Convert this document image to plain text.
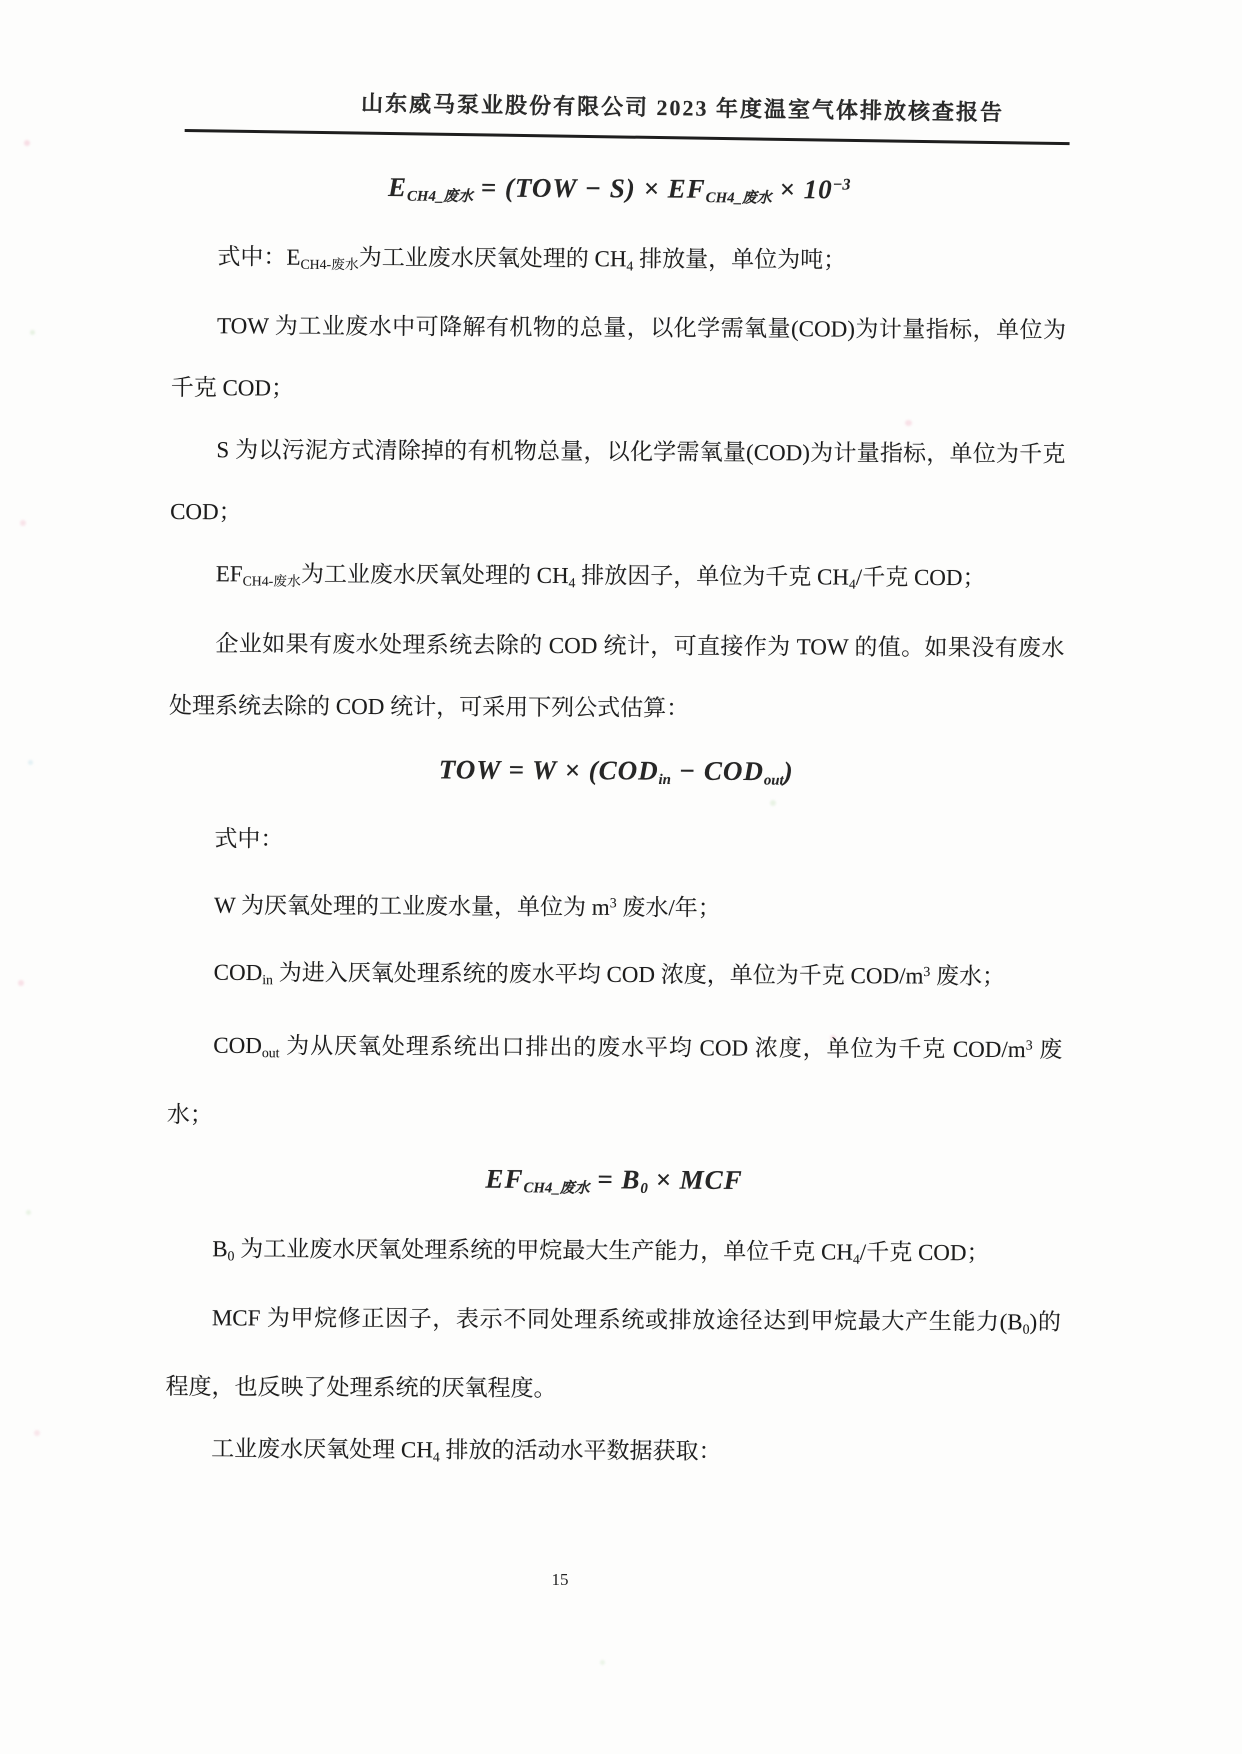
山东威马泵业股份有限公司 2023 年度温室气体排放核查报告
$E_{CH4\_废水} = (TOW - S) \times EF_{CH4\_废水} \times 10^{-3}$

式中：$E_{CH4-废水}$为工业废水厌氧处理的 $CH_4$ 排放量，单位为吨；

TOW 为工业废水中可降解有机物的总量，以化学需氧量(COD)为计量指标，单位为千克 COD；

S 为以污泥方式清除掉的有机物总量，以化学需氧量(COD)为计量指标，单位为千克 COD；

$EF_{CH4-废水}$为工业废水厌氧处理的 $CH_4$ 排放因子，单位为千克 $CH_4/$千克 COD；

企业如果有废水处理系统去除的 COD 统计，可直接作为 TOW 的值。如果没有废水处理系统去除的 COD 统计，可采用下列公式估算：

TOW = $W \times (COD_{in} - COD_{out})$

式中：

W 为厌氧处理的工业废水量，单位为 $m^3$ 废水/年；

$COD_{in}$ 为进入厌氧处理系统的废水平均 COD 浓度，单位为千克 COD/$m^3$ 废水；

$COD_{out}$ 为从厌氧处理系统出口排出的废水平均 COD 浓度，单位为千克 COD/$m^3$ 废水；

$EF_{CH4\_废水} = B_0$ × MCF

$B_0$ 为工业废水厌氧处理系统的甲烷最大生产能力，单位千克 $CH_4/$千克 COD；

MCF 为甲烷修正因子，表示不同处理系统或排放途径达到甲烷最大产生能力$(B_0)$的程度，也反映了处理系统的厌氧程度。

工业废水厌氧处理 $CH_4$ 排放的活动水平数据获取：

15
